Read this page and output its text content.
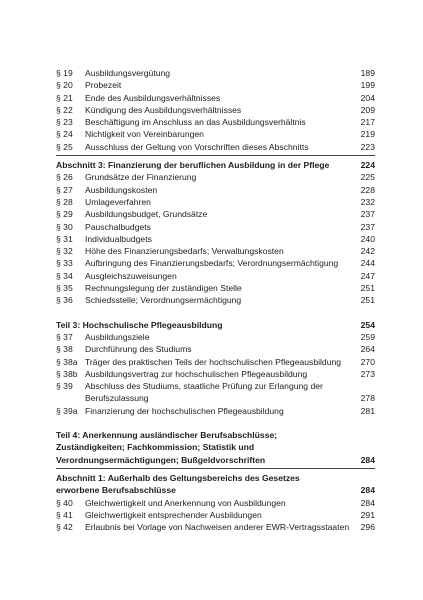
§ 19 Ausbildungsvergütung	189
§ 20 Probezeit	199
§ 21 Ende des Ausbildungsverhältnisses	204
§ 22 Kündigung des Ausbildungsverhältnisses	209
§ 23 Beschäftigung im Anschluss an das Ausbildungsverhältnis	217
§ 24 Nichtigkeit von Vereinbarungen	219
§ 25 Ausschluss der Geltung von Vorschriften dieses Abschnitts	223
Abschnitt 3: Finanzierung der beruflichen Ausbildung in der Pflege	224
§ 26 Grundsätze der Finanzierung	225
§ 27 Ausbildungskosten	228
§ 28 Umlageverfahren	232
§ 29 Ausbildungsbudget, Grundsätze	237
§ 30 Pauschalbudgets	237
§ 31 Individualbudgets	240
§ 32 Höhe des Finanzierungsbedarfs; Verwaltungskosten	242
§ 33 Aufbringung des Finanzierungsbedarfs; Verordnungsermächtigung	244
§ 34 Ausgleichszuweisungen	247
§ 35 Rechnungslegung der zuständigen Stelle	251
§ 36 Schiedsstelle; Verordnungsermächtigung	251
Teil 3: Hochschulische Pflegeausbildung	254
§ 37 Ausbildungsziele	259
§ 38 Durchführung des Studiums	264
§ 38a Träger des praktischen Teils der hochschulischen Pflegeausbildung 270
§ 38b Ausbildungsvertrag zur hochschulischen Pflegeausbildung	273
§ 39 Abschluss des Studiums, staatliche Prüfung zur Erlangung der Berufszulassung	278
§ 39a Finanzierung der hochschulischen Pflegeausbildung	281
Teil 4: Anerkennung ausländischer Berufsabschlüsse; Zuständigkeiten; Fachkommission; Statistik und Verordnungsermächtigungen; Bußgeldvorschriften	284
Abschnitt 1: Außerhalb des Geltungsbereichs des Gesetzes erworbene Berufsabschlüsse	284
§ 40 Gleichwertigkeit und Anerkennung von Ausbildungen	284
§ 41 Gleichwertigkeit entsprechender Ausbildungen	291
§ 42 Erlaubnis bei Vorlage von Nachweisen anderer EWR-Vertragsstaaten 296
